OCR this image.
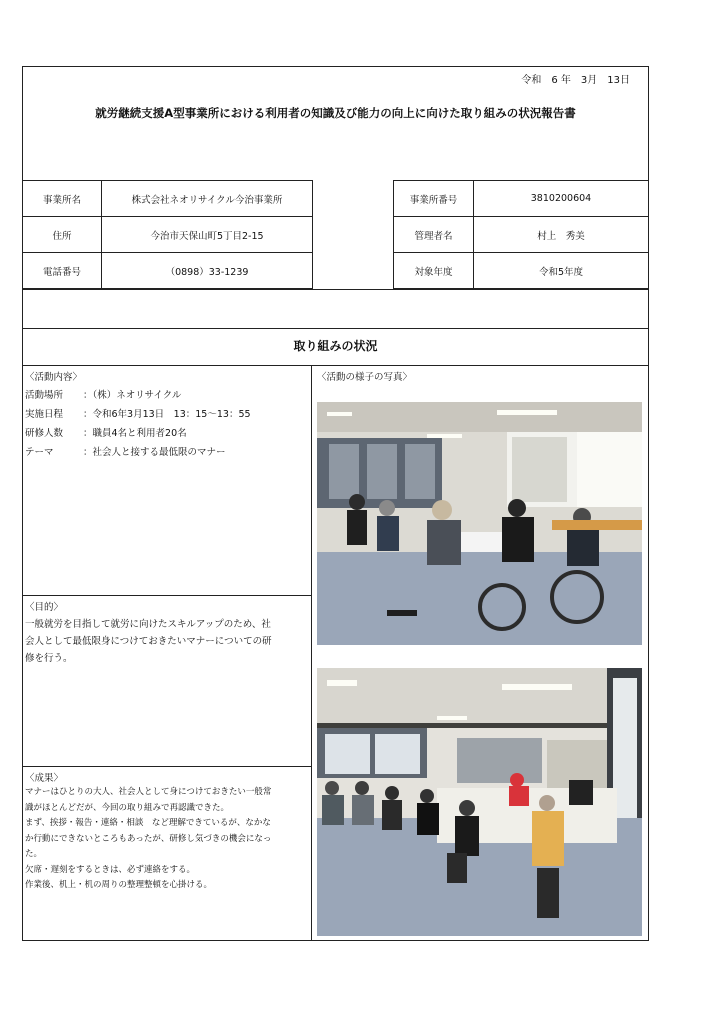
令和　6 年　3月　13日
就労継続支援A型事業所における利用者の知識及び能力の向上に向けた取り組みの状況報告書
事業所名	株式会社ネオリサイクル今治事業所
住所	今治市天保山町5丁目2-15
電話番号	（0898）33-1239
事業所番号	3810200604
管理者名	村上　秀美
対象年度	令和5年度
取り組みの状況
〈活動内容〉
活動場所 ：（株）ネオリサイクル
実施日程 ：令和6年3月13日　13：15～13：55
研修人数 ：職員4名と利用者20名
テーマ	：社会人と接する最低限のマナー
〈活動の様子の写真〉
〈目的〉

一般就労を目指して就労に向けたスキルアップのため、社

会人として最低限身につけておきたいマナーについての研

修を行う。

〈成果〉

マナーはひとりの大人、社会人として身につけておきたい一般常

識がほとんどだが、今回の取り組みで再認識できた。

まず、挨拶・報告・連絡・相談　など理解できているが、なかな

か行動にできないところもあったが、研修し気づきの機会になっ

た。

欠席・遅刻をするときは、必ず連絡をする。

作業後、机上・机の周りの整理整頓を心掛ける。
